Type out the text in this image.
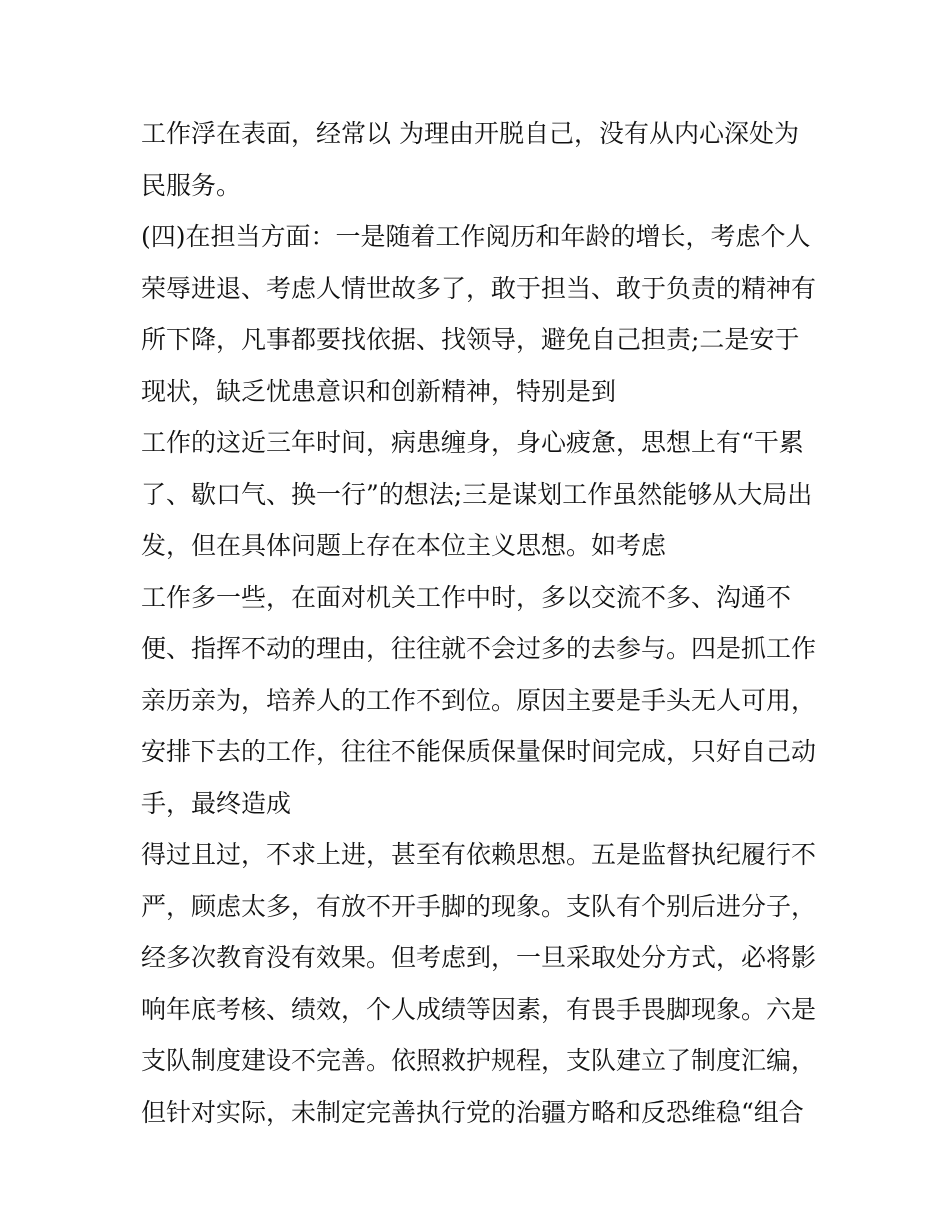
工作浮在表面，经常以 为理由开脱自己，没有从内心深处为
民服务。
(四)在担当方面：一是随着工作阅历和年龄的增长，考虑个人
荣辱进退、考虑人情世故多了，敢于担当、敢于负责的精神有
所下降，凡事都要找依据、找领导，避免自己担责;二是安于
现状，缺乏忧患意识和创新精神，特别是到
工作的这近三年时间，病患缠身，身心疲惫，思想上有“干累
了、歇口气、换一行”的想法;三是谋划工作虽然能够从大局出
发，但在具体问题上存在本位主义思想。如考虑
工作多一些，在面对机关工作中时，多以交流不多、沟通不
便、指挥不动的理由，往往就不会过多的去参与。四是抓工作
亲历亲为，培养人的工作不到位。原因主要是手头无人可用，
安排下去的工作，往往不能保质保量保时间完成，只好自己动
手，最终造成
得过且过，不求上进，甚至有依赖思想。五是监督执纪履行不
严，顾虑太多，有放不开手脚的现象。支队有个别后进分子，
经多次教育没有效果。但考虑到，一旦采取处分方式，必将影
响年底考核、绩效，个人成绩等因素，有畏手畏脚现象。六是
支队制度建设不完善。依照救护规程，支队建立了制度汇编，
但针对实际，未制定完善执行党的治疆方略和反恐维稳“组合
